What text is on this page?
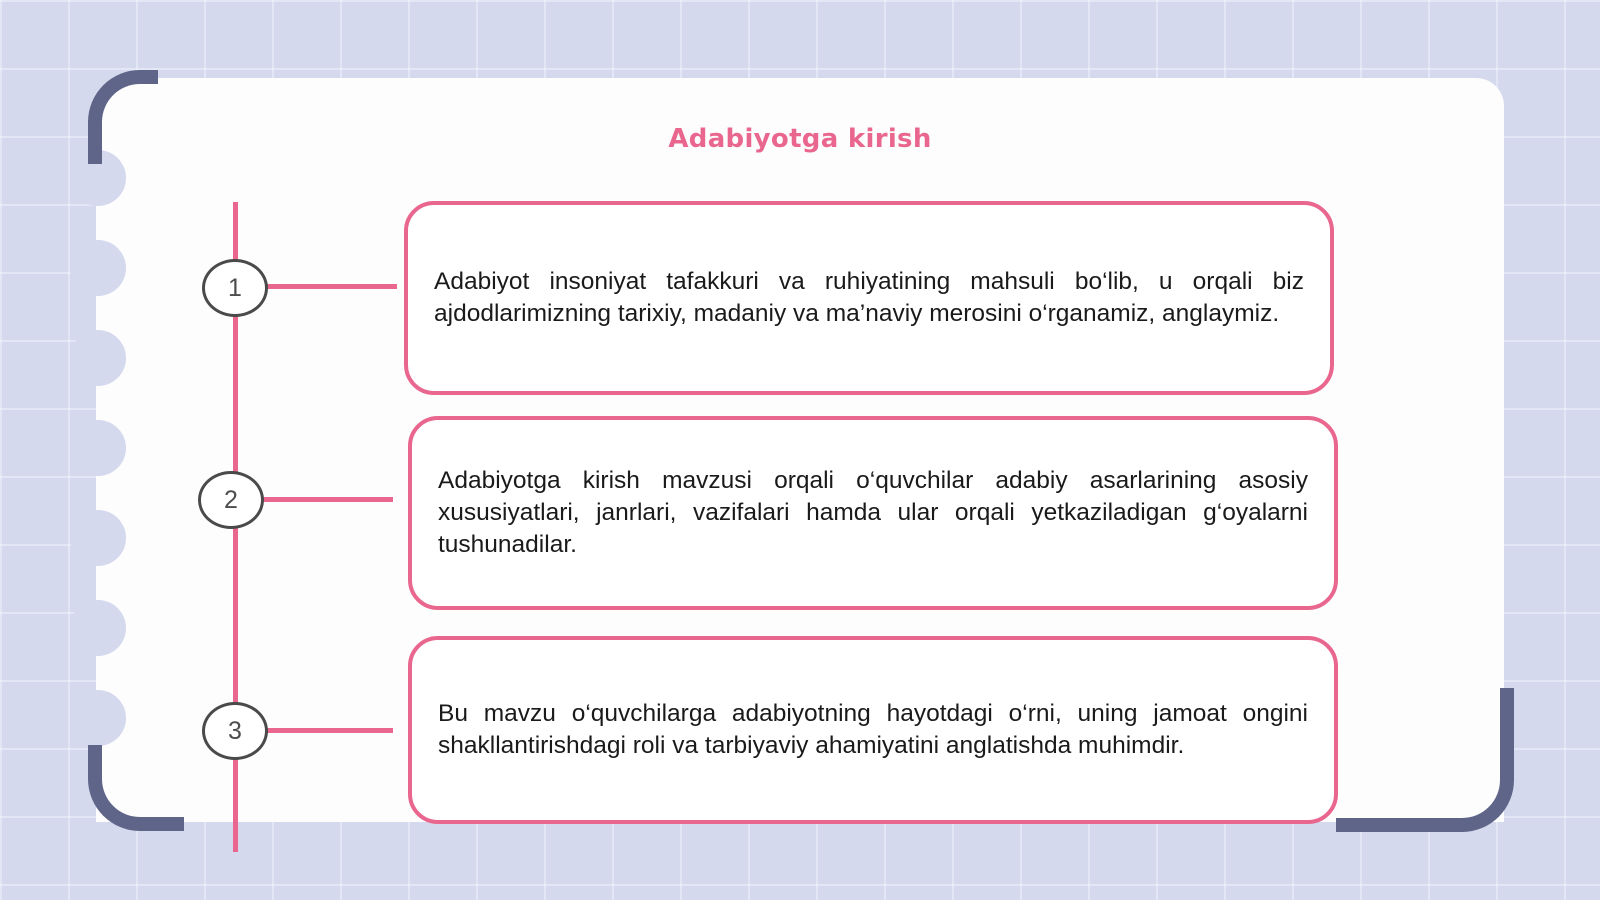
Adabiyotga kirish
1
2
3
Adabiyot insoniyat tafakkuri va ruhiyatining mahsuli bo‘lib, u orqali biz ajdodlarimizning tarixiy, madaniy va ma’naviy merosini o‘rganamiz, anglaymiz.
Adabiyotga kirish mavzusi orqali o‘quvchilar adabiy asarlarining asosiy xususiyatlari, janrlari, vazifalari hamda ular orqali yetkaziladigan g‘oyalarni tushunadilar.
Bu mavzu o‘quvchilarga adabiyotning hayotdagi o‘rni, uning jamoat ongini shakllantirishdagi roli va tarbiyaviy ahamiyatini anglatishda muhimdir.
